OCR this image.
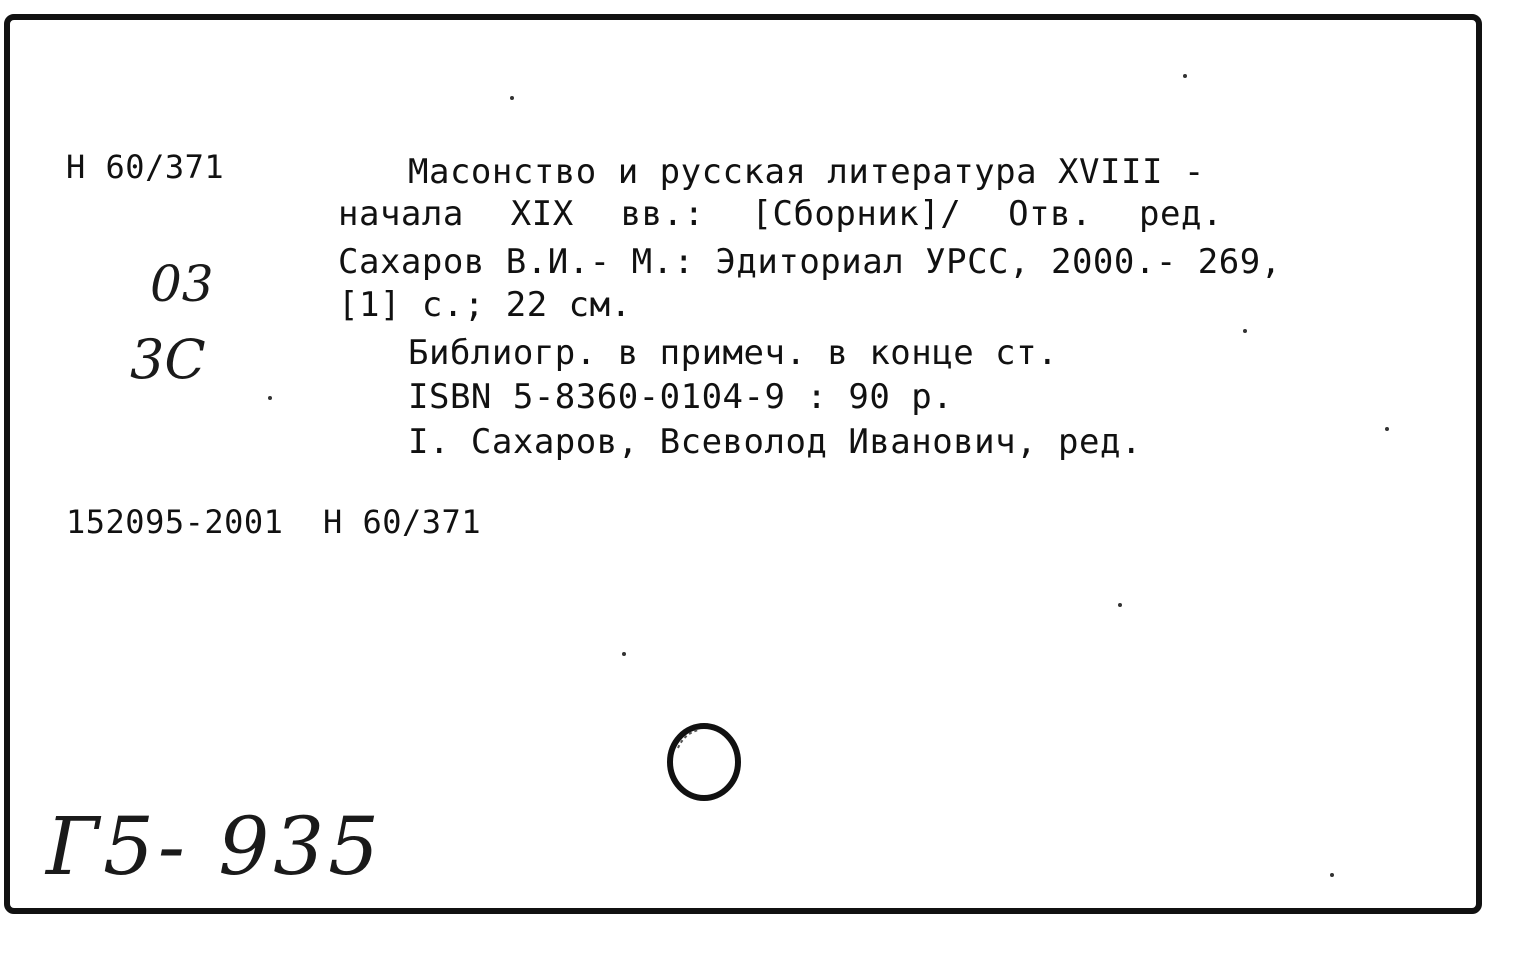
Н 60/371	Масонство и русская литература XVIII -
начала XIX вв.: [Сборник]/ Отв. ред.
Сахаров В.И.- М.: Эдиториал УРСС, 2000.- 269,
[1] с.; 22 см.
Библиогр. в примеч. в конце ст.
ISBN 5-8360-0104-9 : 90 р.
I. Сахаров, Всеволод Иванович, ред.
152095-2001  Н 60/371
03
3С
Г5- 935
